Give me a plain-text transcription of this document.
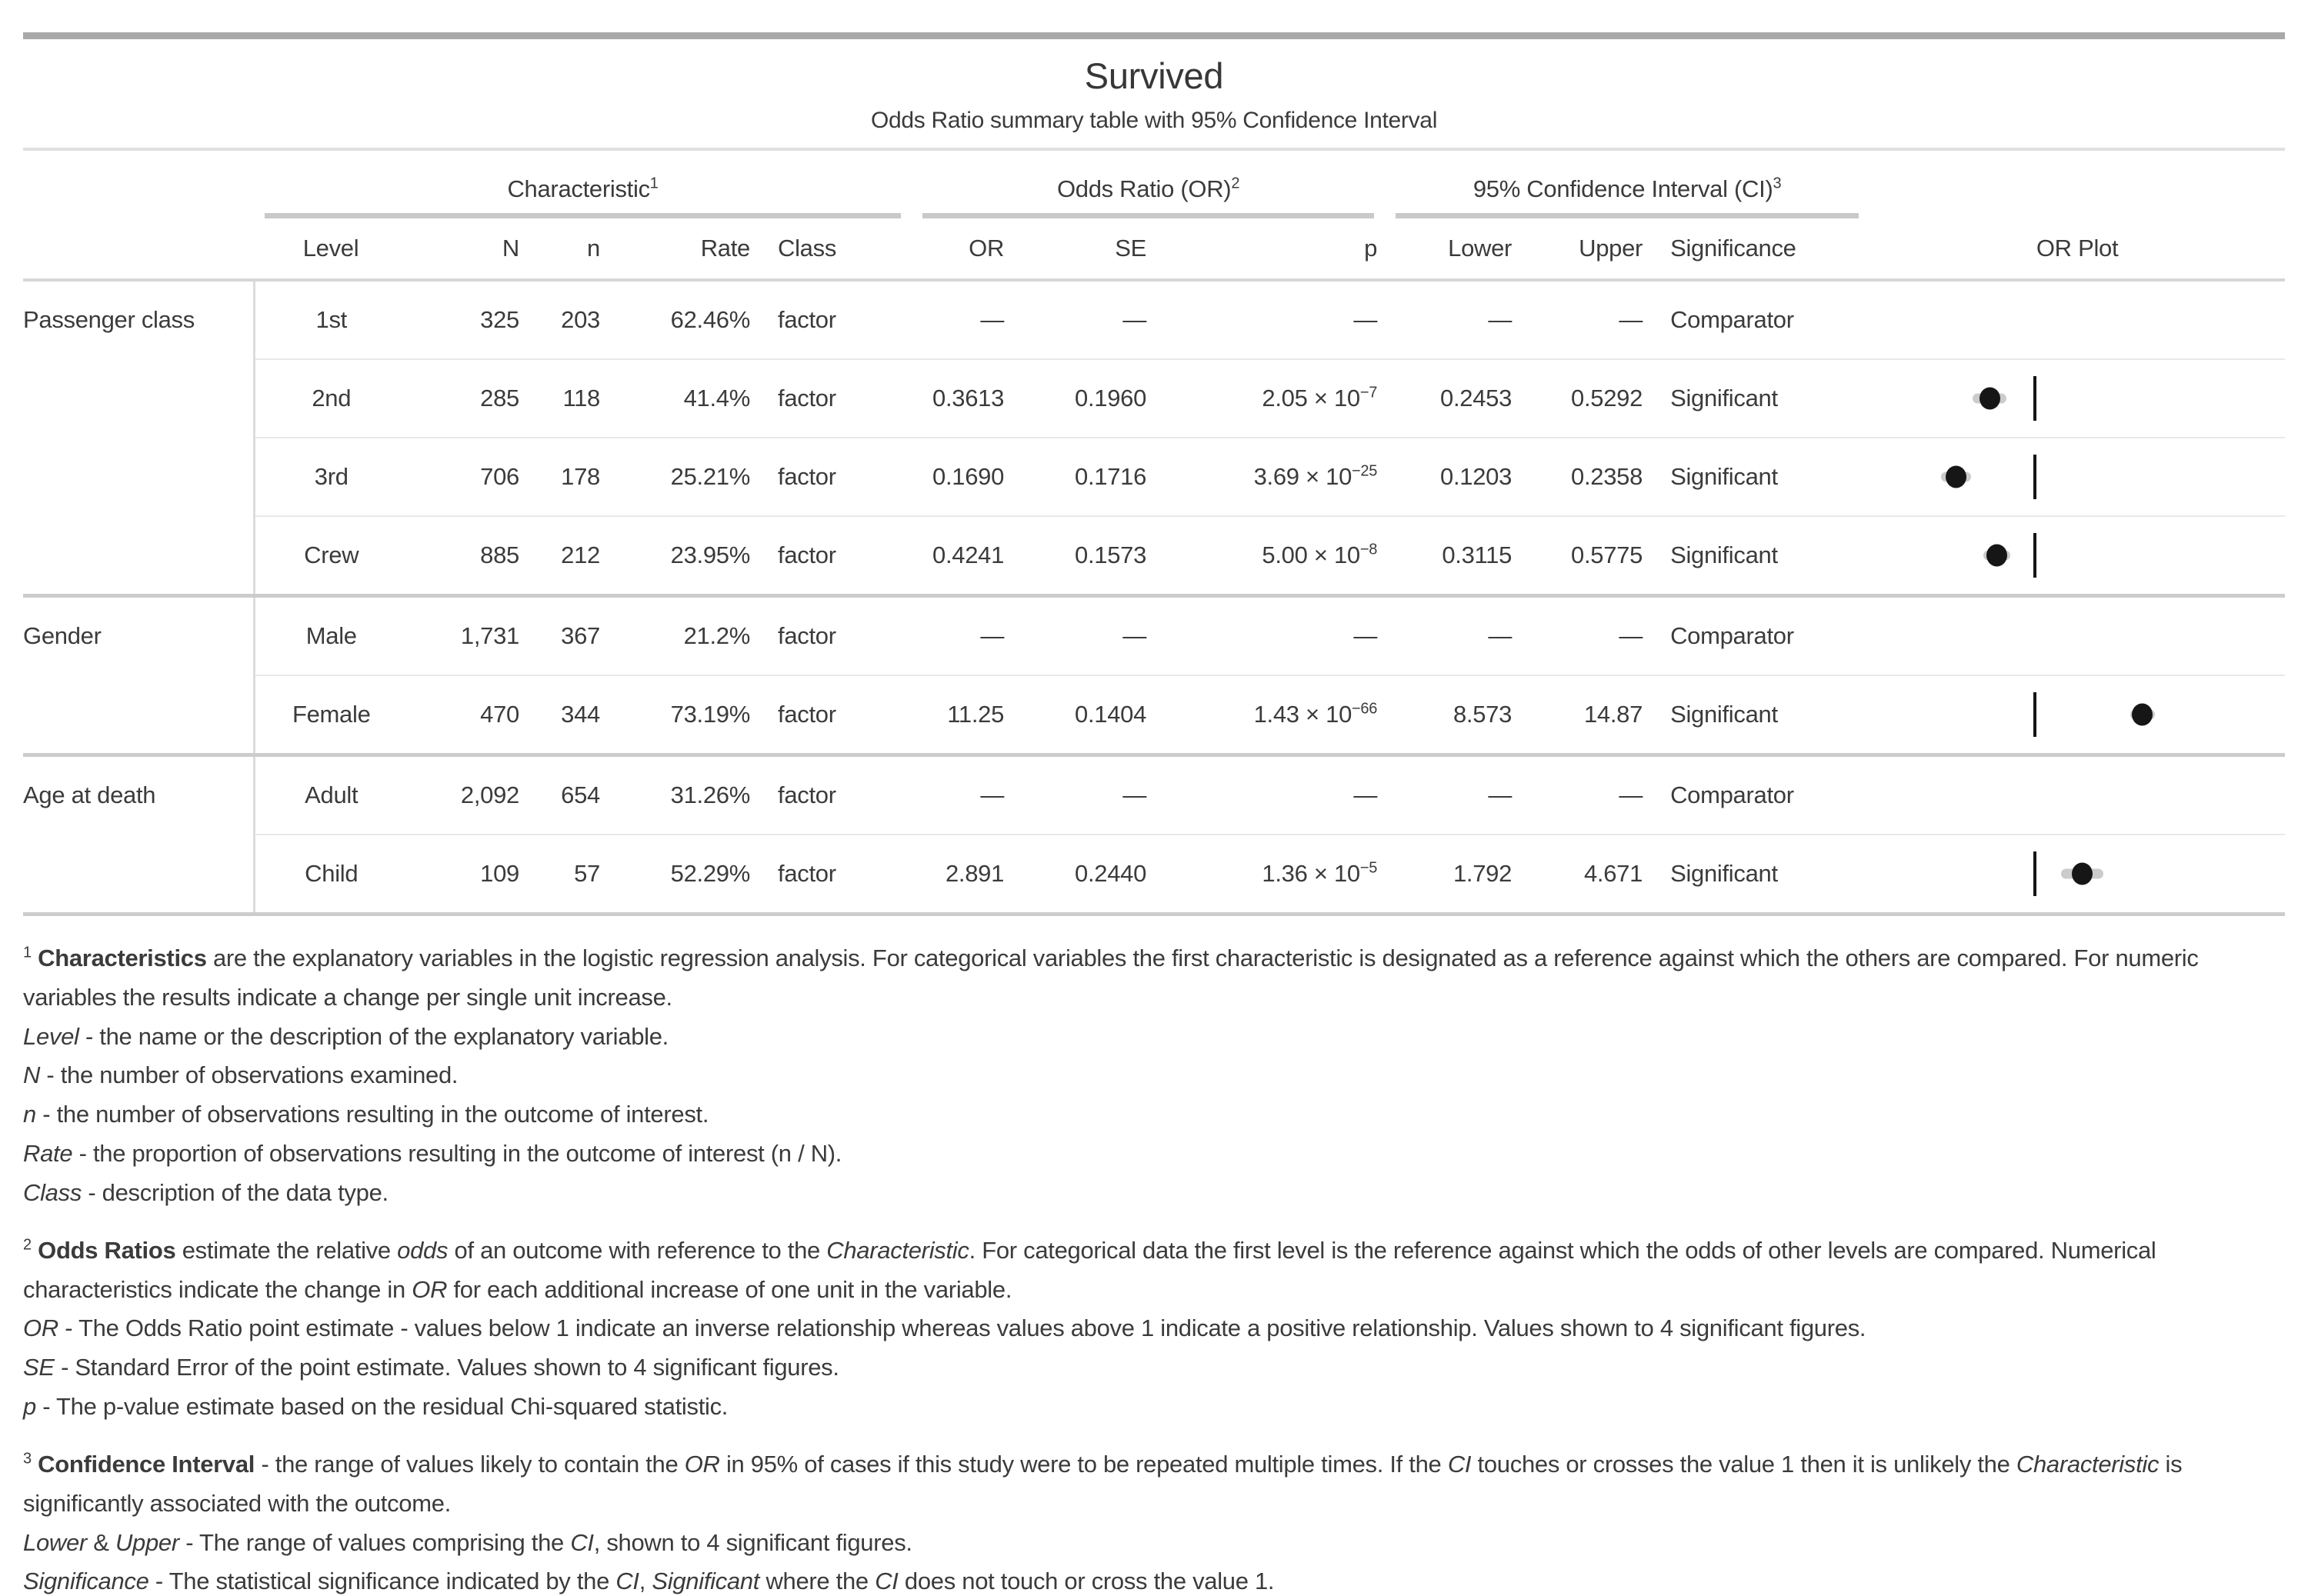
Survived
Odds Ratio summary table with 95% Confidence Interval

	Characteristic$^1$					Odds Ratio (OR)$^2$			95% Confidence Interval (CI)$^3$

	Level	N	n	Rate	Class	OR	SE	p	Lower	Upper	Significance	OR Plot
Passenger class	1st	325	203	62.46%	factor	—	—	—	—	—	Comparator	

	2nd	285	118	41.4%	factor	0.3613	0.1960	$2.05 \times 10^{-7}$	0.2453	0.5292	Significant	

	3rd	706	178	25.21%	factor	0.1690	0.1716	$3.69 \times 10^{-25}$	0.1203	0.2358	Significant	

	Crew	885	212	23.95%	factor	0.4241	0.1573	$5.00 \times 10^{-8}$	0.3115	0.5775	Significant	

Gender	Male	1,731	367	21.2%	factor	—	—	—	—	—	Comparator	

	Female	470	344	73.19%	factor	11.25	0.1404	$1.43 \times 10^{-66}$	8.573	14.87	Significant	

Age at death	Adult	2,092	654	31.26%	factor	—	—	—	—	—	Comparator	

	Child	109	57	52.29%	factor	2.891	0.2440	$1.36 \times 10^{-5}$	1.792	4.671	Significant	

$^1$ Characteristics are the explanatory variables in the logistic regression analysis. For categorical variables the first characteristic is designated as a reference against which the others are compared. For numeric variables the results indicate a change per single unit increase.

Level - the name or the description of the explanatory variable.

N - the number of observations examined.

n - the number of observations resulting in the outcome of interest.

Rate - the proportion of observations resulting in the outcome of interest (n / N).

Class - description of the data type.

$^2$ Odds Ratios estimate the relative odds of an outcome with reference to the Characteristic. For categorical data the first level is the reference against which the odds of other levels are compared. Numerical characteristics indicate the change in OR for each additional increase of one unit in the variable.

OR - The Odds Ratio point estimate - values below 1 indicate an inverse relationship whereas values above 1 indicate a positive relationship. Values shown to 4 significant figures.

SE - Standard Error of the point estimate. Values shown to 4 significant figures.

p - The p-value estimate based on the residual Chi-squared statistic.

$^3$ Confidence Interval - the range of values likely to contain the OR in 95% of cases if this study were to be repeated multiple times. If the CI touches or crosses the value 1 then it is unlikely the Characteristic is significantly associated with the outcome.

Lower & Upper - The range of values comprising the CI, shown to 4 significant figures.

Significance - The statistical significance indicated by the CI, Significant where the CI does not touch or cross the value 1.
